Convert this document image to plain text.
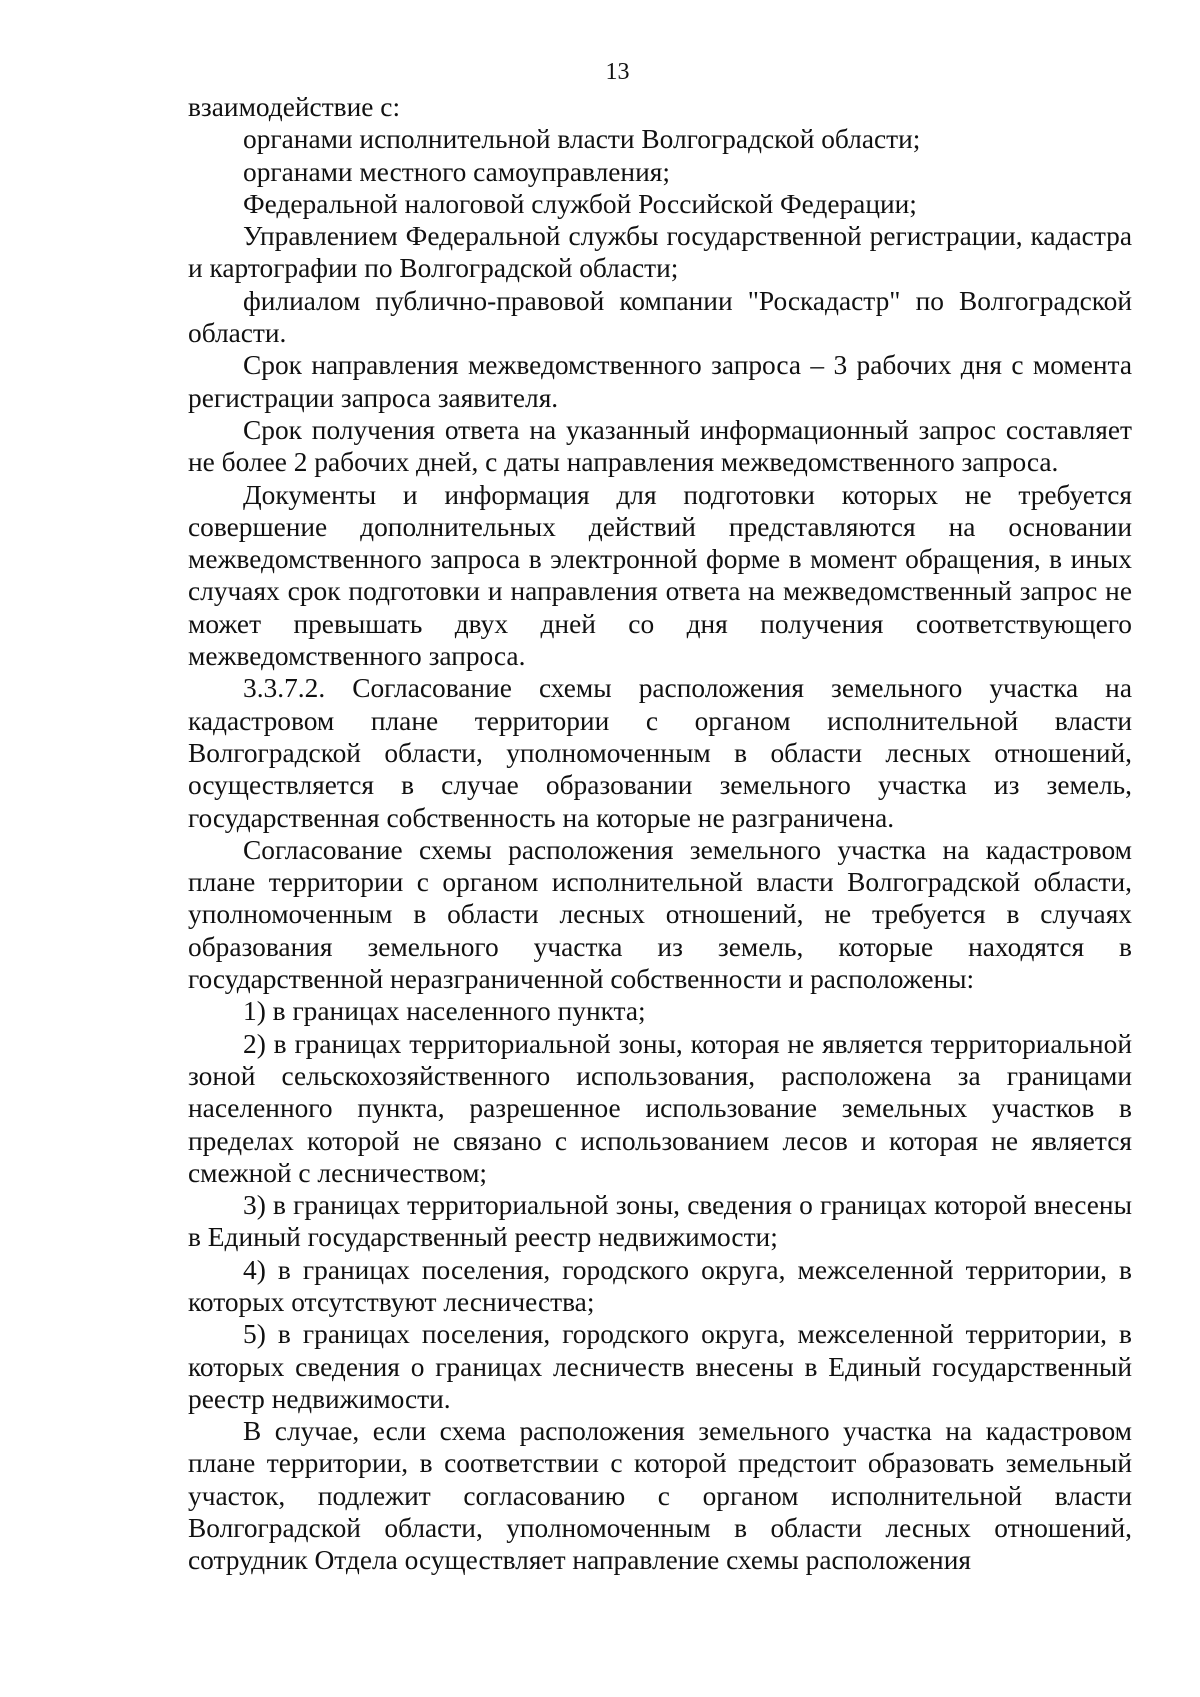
13

взаимодействие с:

органами исполнительной власти Волгоградской области;

органами местного самоуправления;

Федеральной налоговой службой Российской Федерации;

Управлением Федеральной службы государственной регистрации, кадастра и картографии по Волгоградской области;

филиалом публично-правовой компании "Роскадастр" по Волгоградской области.

Срок направления межведомственного запроса – 3 рабочих дня с момента регистрации запроса заявителя.

Срок получения ответа на указанный информационный запрос составляет не более 2 рабочих дней, с даты направления межведомственного запроса.

Документы и информация для подготовки которых не требуется совершение дополнительных действий представляются на основании межведомственного запроса в электронной форме в момент обращения, в иных случаях срок подготовки и направления ответа на межведомственный запрос не может превышать двух дней со дня получения соответствующего межведомственного запроса.

3.3.7.2. Согласование схемы расположения земельного участка на кадастровом плане территории с органом исполнительной власти Волгоградской области, уполномоченным в области лесных отношений, осуществляется в случае образовании земельного участка из земель, государственная собственность на которые не разграничена.

Согласование схемы расположения земельного участка на кадастровом плане территории с органом исполнительной власти Волгоградской области, уполномоченным в области лесных отношений, не требуется в случаях образования земельного участка из земель, которые находятся в государственной неразграниченной собственности и расположены:

1) в границах населенного пункта;

2) в границах территориальной зоны, которая не является территориальной зоной сельскохозяйственного использования, расположена за границами населенного пункта, разрешенное использование земельных участков в пределах которой не связано с использованием лесов и которая не является смежной с лесничеством;

3) в границах территориальной зоны, сведения о границах которой внесены в Единый государственный реестр недвижимости;

4) в границах поселения, городского округа, межселенной территории, в которых отсутствуют лесничества;

5) в границах поселения, городского округа, межселенной территории, в которых сведения о границах лесничеств внесены в Единый государственный реестр недвижимости.

В случае, если схема расположения земельного участка на кадастровом плане территории, в соответствии с которой предстоит образовать земельный участок, подлежит согласованию с органом исполнительной власти Волгоградской области, уполномоченным в области лесных отношений, сотрудник Отдела осуществляет направление схемы расположения
